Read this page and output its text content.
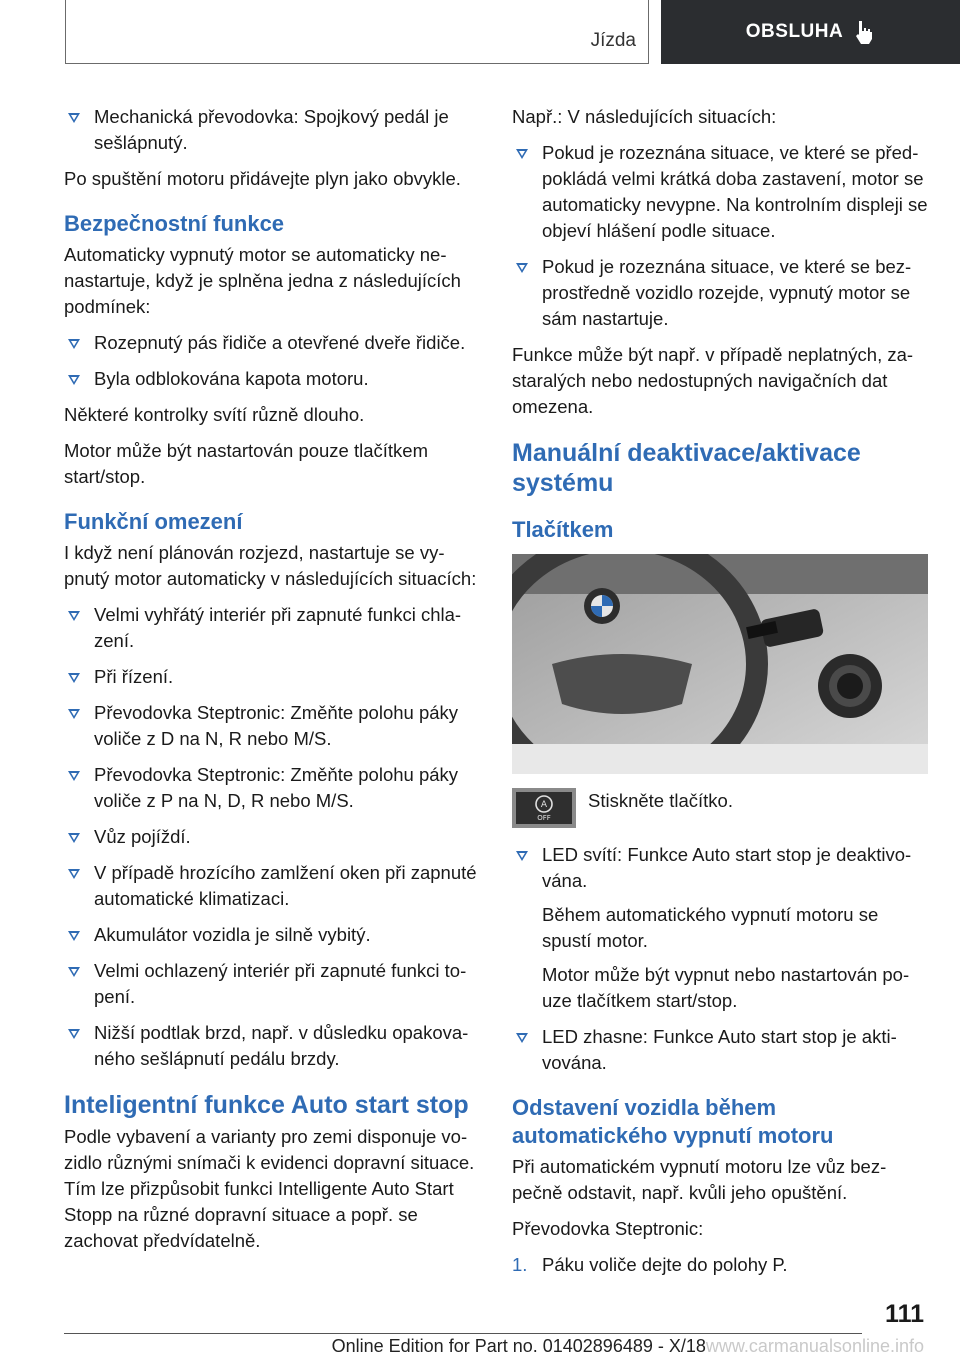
Jízda	OBSLUHA
Mechanická převodovka: Spojkový pedál je sešlápnutý.

Po spuštění motoru přidávejte plyn jako obvykle.

Bezpečnostní funkce

Automaticky vypnutý motor se automaticky nenastartuje, když je splněna jedna z následujících podmínek:

Rozepnutý pás řidiče a otevřené dveře řidiče.
Byla odblokována kapota motoru.

Některé kontrolky svítí různě dlouho.

Motor může být nastartován pouze tlačítkem start/stop.

Funkční omezení

I když není plánován rozjezd, nastartuje se vypnutý motor automaticky v následujících situacích:

Velmi vyhřátý interiér při zapnuté funkci chlazení.
Při řízení.
Převodovka Steptronic: Změňte polohu páky voliče z D na N, R nebo M/S.
Převodovka Steptronic: Změňte polohu páky voliče z P na N, D, R nebo M/S.
Vůz pojíždí.
V případě hrozícího zamlžení oken při zapnuté automatické klimatizaci.
Akumulátor vozidla je silně vybitý.
Velmi ochlazený interiér při zapnuté funkci topení.
Nižší podtlak brzd, např. v důsledku opakovaného sešlápnutí pedálu brzdy.
Inteligentní funkce Auto start stop

Podle vybavení a varianty pro zemi disponuje vozidlo různými snímači k evidenci dopravní situace. Tím lze přizpůsobit funkci Intelligente Auto Start Stopp na různé dopravní situace a popř. se zachovat předvídatelně.

Např.: V následujících situacích:

Pokud je rozeznána situace, ve které se předpokládá velmi krátká doba zastavení, motor se automaticky nevypne. Na kontrolním displeji se objeví hlášení podle situace.
Pokud je rozeznána situace, ve které se bezprostředně vozidlo rozejde, vypnutý motor se sám nastartuje.

Funkce může být např. v případě neplatných, zastaralých nebo nedostupných navigačních dat omezena.

Manuální deaktivace/aktivace systému
Tlačítkem
A
OFF
Stiskněte tlačítko.
LED svítí: Funkce Auto start stop je deaktivována.
Během automatického vypnutí motoru se spustí motor.
Motor může být vypnut nebo nastartován pouze tlačítkem start/stop.
LED zhasne: Funkce Auto start stop je aktivována.
Odstavení vozidla během automatického vypnutí motoru

Při automatickém vypnutí motoru lze vůz bezpečně odstavit, např. kvůli jeho opuštění.

Převodovka Steptronic:

1. Páku voliče dejte do polohy P.
111
Online Edition for Part no. 01402896489 - X/18www.carmanualsonline.info
